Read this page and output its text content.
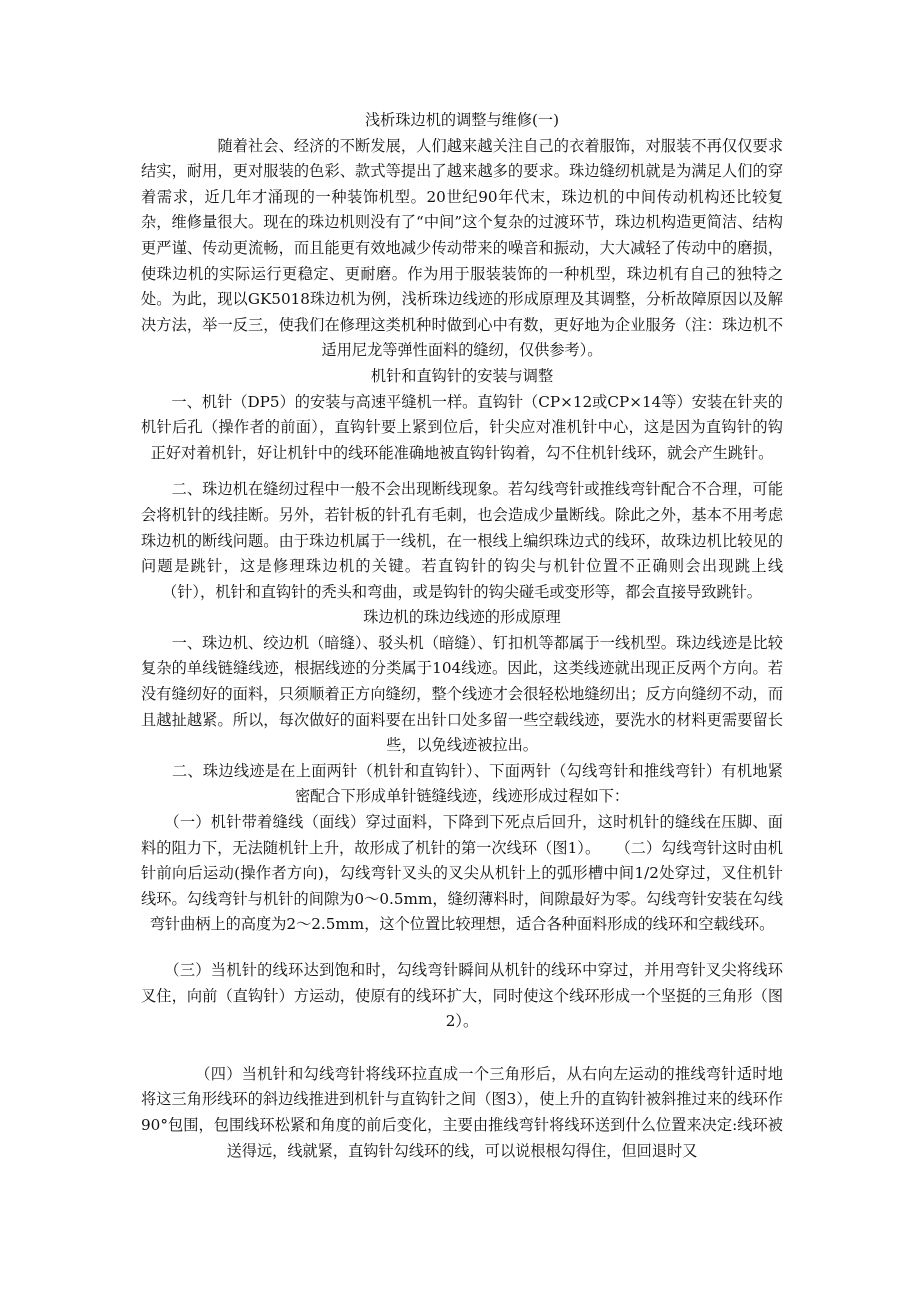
浅析珠边机的调整与维修(一)
　　　　　随着社会、经济的不断发展，人们越来越关注自己的衣着服饰，对服装不再仅仅要求结实，耐用，更对服装的色彩、款式等提出了越来越多的要求。珠边缝纫机就是为满足人们的穿着需求，近几年才涌现的一种装饰机型。20世纪90年代末，珠边机的中间传动机构还比较复杂，维修量很大。现在的珠边机则没有了“中间”这个复杂的过渡环节，珠边机构造更简洁、结构更严谨、传动更流畅，而且能更有效地减少传动带来的噪音和振动，大大减轻了传动中的磨损，使珠边机的实际运行更稳定、更耐磨。作为用于服装装饰的一种机型，珠边机有自己的独特之处。为此，现以GK5018珠边机为例，浅析珠边线迹的形成原理及其调整，分析故障原因以及解决方法，举一反三，使我们在修理这类机种时做到心中有数，更好地为企业服务（注：珠边机不适用尼龙等弹性面料的缝纫，仅供参考）。
机针和直钩针的安装与调整
　　一、机针（DP5）的安装与高速平缝机一样。直钩针（CP×12或CP×14等）安装在针夹的机针后孔（操作者的前面），直钩针要上紧到位后，针尖应对准机针中心，这是因为直钩针的钩正好对着机针，好让机针中的线环能准确地被直钩针钩着，勾不住机针线环，就会产生跳针。
　　二、珠边机在缝纫过程中一般不会出现断线现象。若勾线弯针或推线弯针配合不合理，可能会将机针的线挂断。另外，若针板的针孔有毛刺，也会造成少量断线。除此之外，基本不用考虑珠边机的断线问题。由于珠边机属于一线机，在一根线上编织珠边式的线环，故珠边机比较见的问题是跳针，这是修理珠边机的关键。若直钩针的钩尖与机针位置不正确则会出现跳上线（针），机针和直钩针的秃头和弯曲，或是钩针的钩尖碰毛或变形等，都会直接导致跳针。
珠边机的珠边线迹的形成原理
　　一、珠边机、绞边机（暗缝）、驳头机（暗缝）、钉扣机等都属于一线机型。珠边线迹是比较复杂的单线链缝线迹，根据线迹的分类属于104线迹。因此，这类线迹就出现正反两个方向。若没有缝纫好的面料，只须顺着正方向缝纫，整个线迹才会很轻松地缝纫出；反方向缝纫不动，而且越扯越紧。所以，每次做好的面料要在出针口处多留一些空载线迹，要洗水的材料更需要留长些，以免线迹被拉出。
　　二、珠边线迹是在上面两针（机针和直钩针）、下面两针（勾线弯针和推线弯针）有机地紧密配合下形成单针链缝线迹，线迹形成过程如下：
　　（一）机针带着缝线（面线）穿过面料，下降到下死点后回升，这时机针的缝线在压脚、面料的阻力下，无法随机针上升，故形成了机针的第一次线环（图1）。　　（二）勾线弯针这时由机针前向后运动(操作者方向)，勾线弯针叉头的叉尖从机针上的弧形槽中间1/2处穿过，叉住机针线环。勾线弯针与机针的间隙为0～0.5mm，缝纫薄料时，间隙最好为零。勾线弯针安装在勾线弯针曲柄上的高度为2～2.5mm，这个位置比较理想，适合各种面料形成的线环和空载线环。
　　（三）当机针的线环达到饱和时，勾线弯针瞬间从机针的线环中穿过，并用弯针叉尖将线环叉住，向前（直钩针）方运动，使原有的线环扩大，同时使这个线环形成一个坚挺的三角形（图2）。
　　　　（四）当机针和勾线弯针将线环拉直成一个三角形后，从右向左运动的推线弯针适时地将这三角形线环的斜边线推进到机针与直钩针之间（图3），使上升的直钩针被斜推过来的线环作90°包围，包围线环松紧和角度的前后变化，主要由推线弯针将线环送到什么位置来决定:线环被送得远，线就紧，直钩针勾线环的线，可以说根根勾得住，但回退时又
